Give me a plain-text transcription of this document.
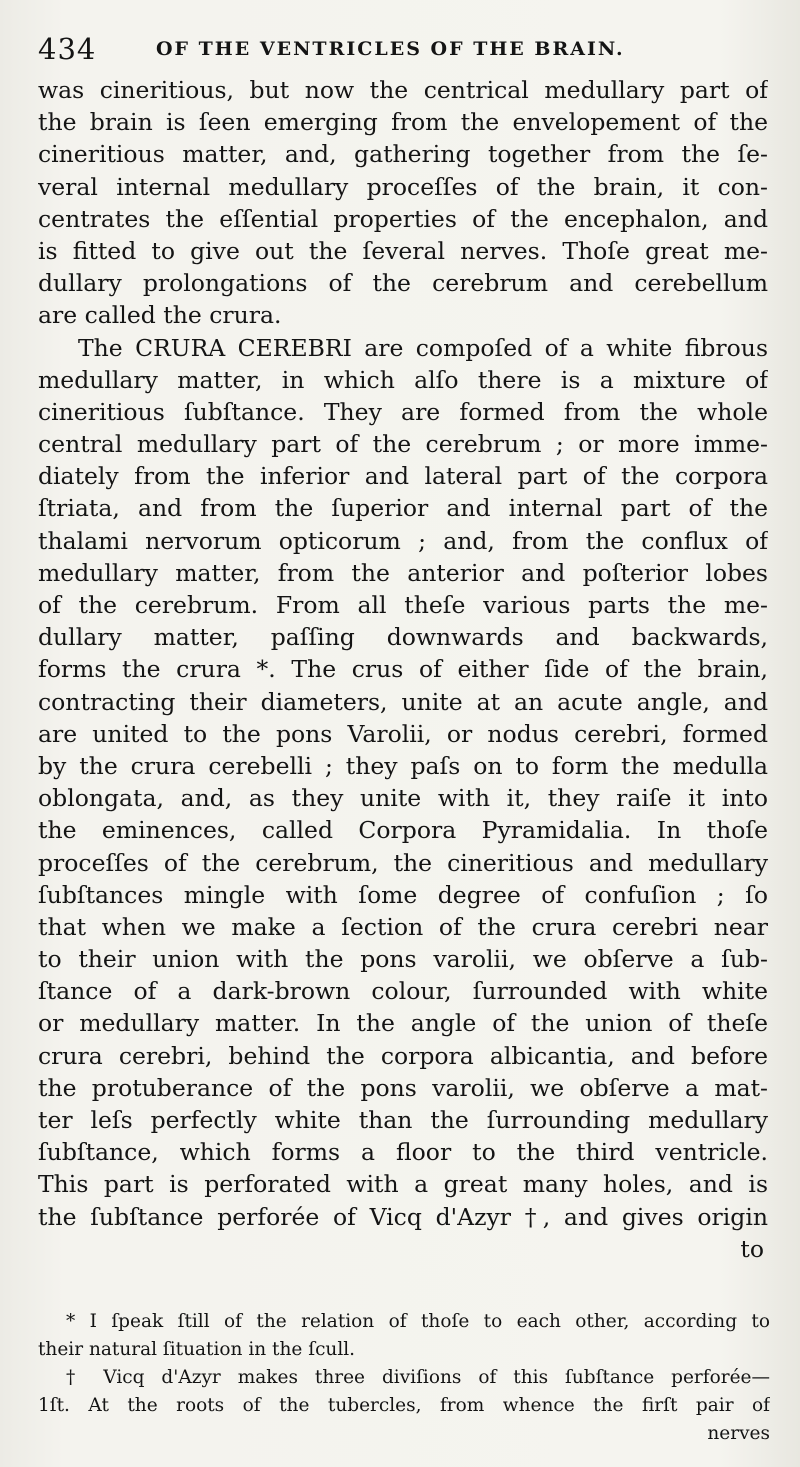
434	OF THE VENTRICLES OF THE BRAIN.
was cineritious, but now the centrical medullary part of
the brain is ſeen emerging from the envelopement of the
cineritious matter, and, gathering together from the ſe-
veral internal medullary proceſſes of the brain, it con-
centrates the eſſential properties of the encephalon, and
is fitted to give out the ſeveral nerves. Thoſe great me-
dullary prolongations of the cerebrum and cerebellum
are called the crura.
The CRURA CEREBRI are compoſed of a white fibrous
medullary matter, in which alſo there is a mixture of
cineritious ſubſtance. They are formed from the whole
central medullary part of the cerebrum ; or more imme-
diately from the inferior and lateral part of the corpora
ſtriata, and from the ſuperior and internal part of the
thalami nervorum opticorum ; and, from the conflux of
medullary matter, from the anterior and poſterior lobes
of the cerebrum. From all theſe various parts the me-
dullary matter, paſſing downwards and backwards,
forms the crura *. The crus of either ſide of the brain,
contracting their diameters, unite at an acute angle, and
are united to the pons Varolii, or nodus cerebri, formed
by the crura cerebelli ; they paſs on to form the medulla
oblongata, and, as they unite with it, they raiſe it into
the eminences, called Corpora Pyramidalia. In thoſe
proceſſes of the cerebrum, the cineritious and medullary
ſubſtances mingle with ſome degree of confuſion ; ſo
that when we make a ſection of the crura cerebri near
to their union with the pons varolii, we obſerve a ſub-
ſtance of a dark-brown colour, ſurrounded with white
or medullary matter. In the angle of the union of theſe
crura cerebri, behind the corpora albicantia, and before
the protuberance of the pons varolii, we obſerve a mat-
ter leſs perfectly white than the ſurrounding medullary
ſubſtance, which forms a floor to the third ventricle.
This part is perforated with a great many holes, and is
the ſubſtance perforée of Vicq d'Azyr †, and gives origin
to
* I ſpeak ſtill of the relation of thoſe to each other, according to
their natural ſituation in the ſcull.
† Vicq d'Azyr makes three diviſions of this ſubſtance perforée—
1ſt. At the roots of the tubercles, from whence the firſt pair of
nerves
